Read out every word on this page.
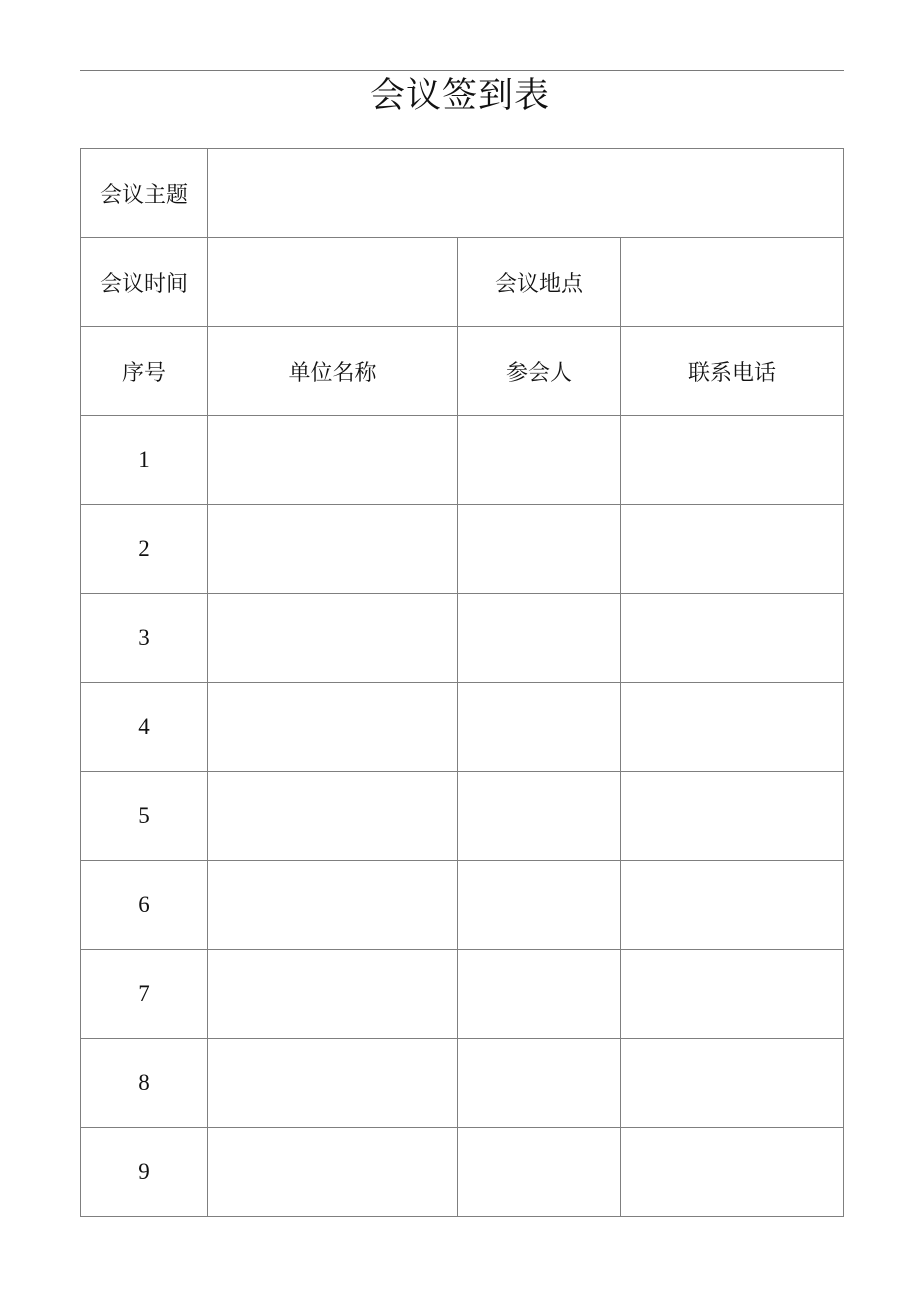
会议签到表
会议主题			
会议时间		会议地点	
序号	单位名称	参会人	联系电话
1			
2			
3			
4			
5			
6			
7			
8			
9			
